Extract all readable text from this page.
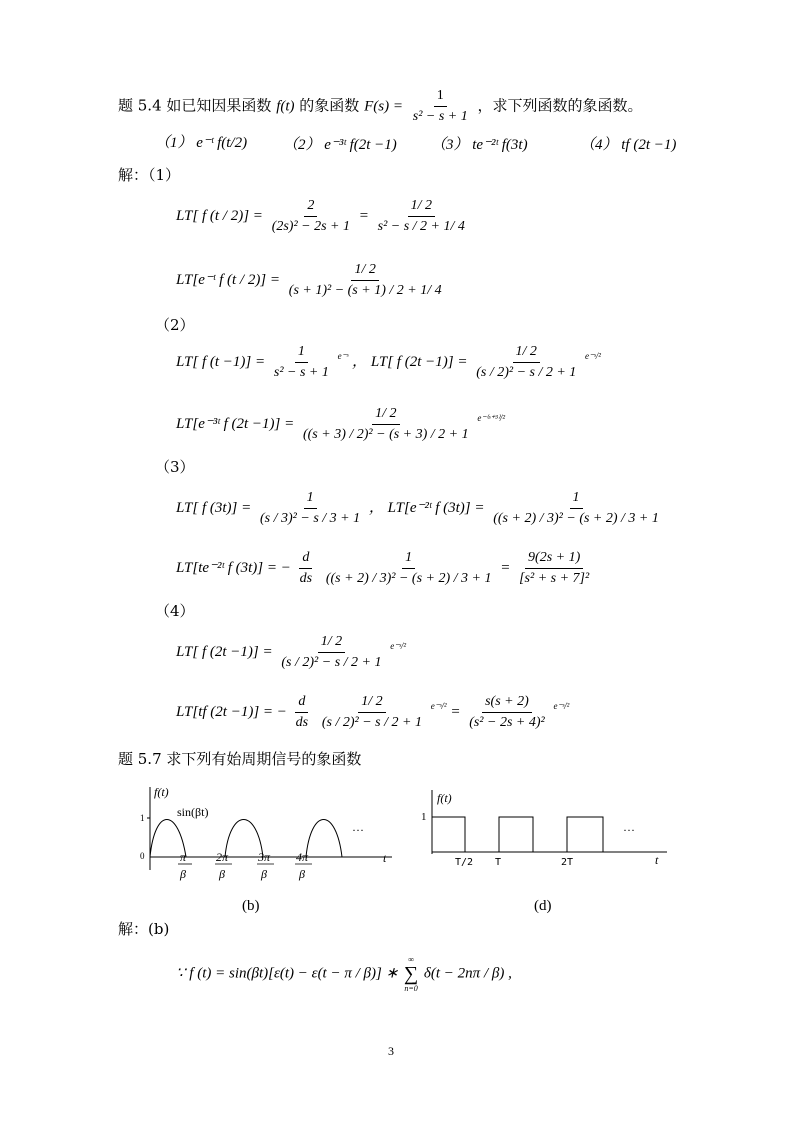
题 5.4 如已知因果函数 f(t) 的象函数 $F(s) = \frac{1}{\text{s² − s + 1}}$ ，求下列函数的象函数。
（1） e⁻ᵗ f(t/2) （2） e⁻³ᵗ f(2t −1) （3） te⁻²ᵗ f(3t)	（4） tf (2t −1)
解：（1）
LT[ f $(t / 2)] = \frac{2}{\text{(2s)² − 2s + 1}} = \frac{1/ 2}{\text{s² − s / 2 + 1/ 4}}$
LT[e⁻ᵗ f $(t / 2)] = \frac{1/ 2}{\text{(s + 1)² − (s + 1) / 2 + 1/ 4}}$
（2）
LT[ f $(t -1)] = \frac{1}{\text{s² − s + 1}} ^{e^-ˢ}$ ， LT[ f $(2t -1)] = \frac{1/ 2}{\text{(s / 2)² − s / 2 + 1}} ^{e^-ˢ/^2}$
LT[e⁻³ᵗ f $(2t -1)] = \frac{1/ 2}{\text{((s + 3) / 2)² − (s + 3) / 2 + 1}} ^{e^{-(}ˢ^{+3)}/^2}$
（3）
LT[ f $(3t)] = \frac{1}{\text{(s / 3)² − s / 3 + 1}}$ ， LT[e⁻²ᵗ f $(3t)] = \frac{1}{\text{((s + 2) / 3)² − (s + 2) / 3 + 1}}$
LT[te⁻²ᵗ f (3t)] = − $\frac{d}{ds}$
$\frac{1}{\text{((s + 2) / 3)² − (s + 2) / 3 + 1}} = \frac{9(2s + 1)}{\text{[s² + s + 7]²}}$
（4）
LT[ f $(2t -1)] = \frac{1/ 2}{\text{(s / 2)² − s / 2 + 1}} ^{e^-ˢ/^2}$
LT[tf (2t −1)] = − $\frac{d}{ds}$
$\frac{1/ 2}{\text{(s / 2)² − s / 2 + 1}} ^{e^-ˢ/^2} = \frac{s(s + 2)}{\text{(s² − 2s + 4)²}} ^{e^-ˢ/^2}$
题 5.7 求下列有始周期信号的象函数
f(t)
1
0
sin(βt)
···
t
π
β
2π
β
3π
β
4π
β
(b)
f(t)
1
···
t
T/2 T	2T
(d)
解：(b)
∵ f (t) = sin(βt)[ε(t) − ε(t − π / β)] ∗
∞
∑
n=0
δ(t − 2nπ / β) ,
3
